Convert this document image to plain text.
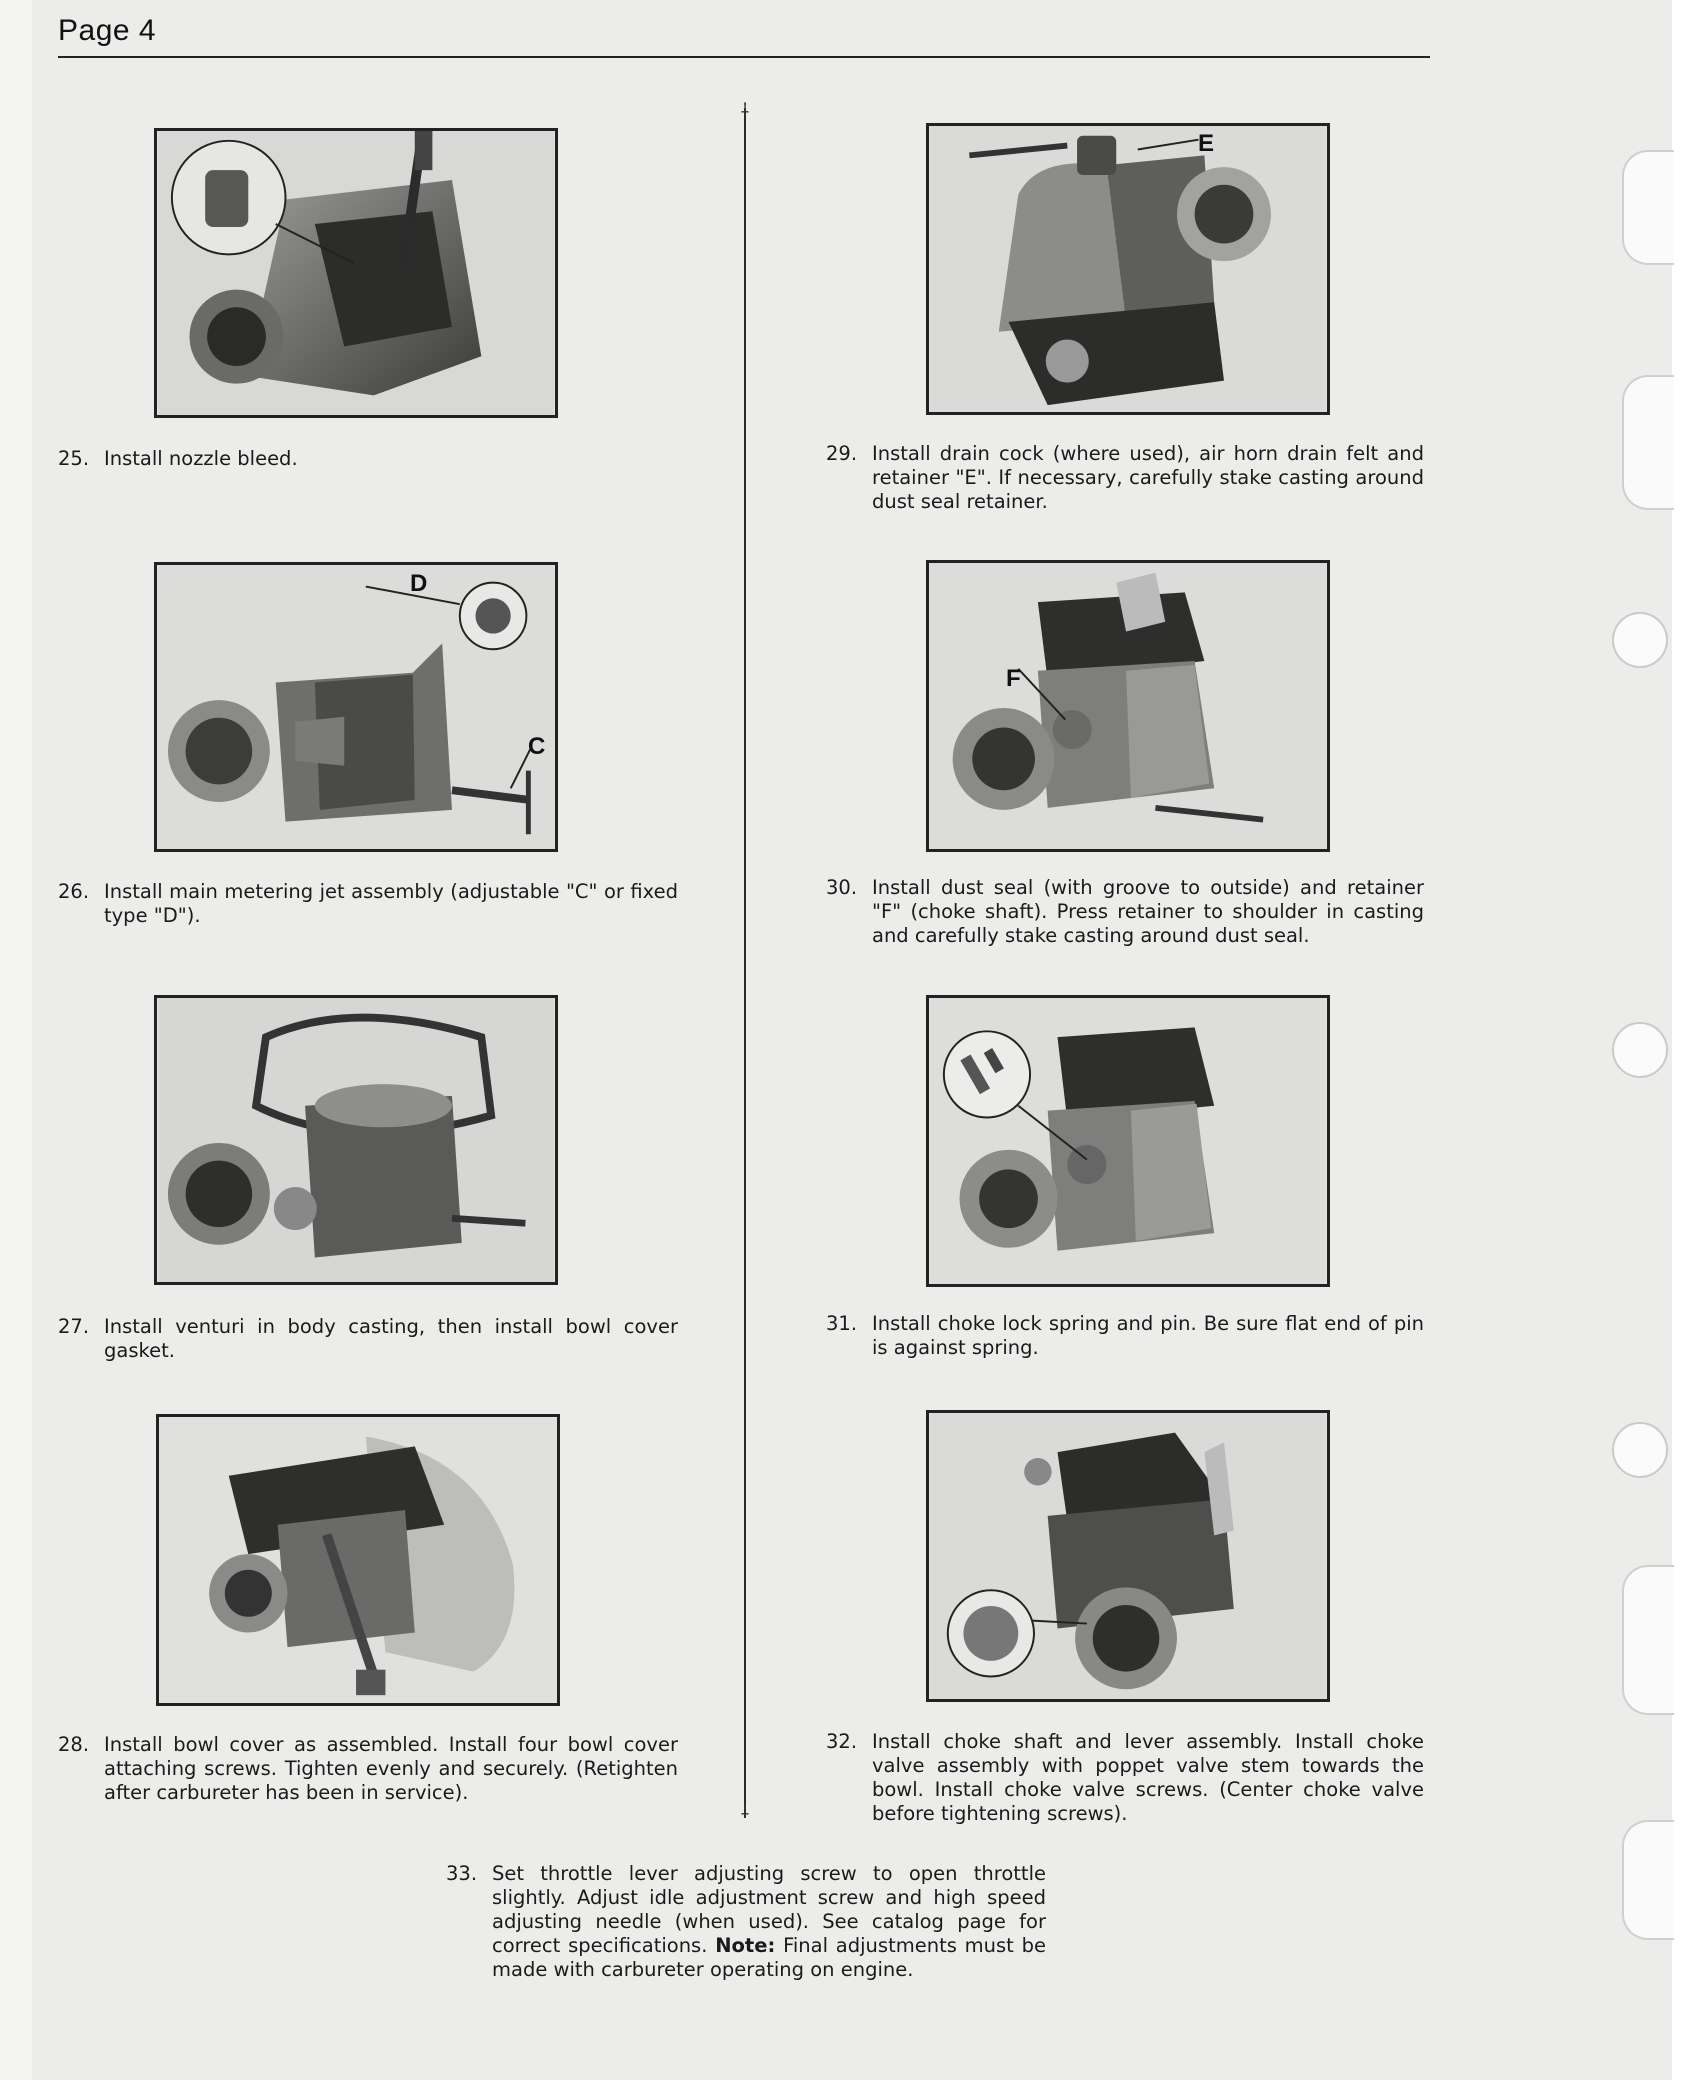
Page 4
⸸
⸸
25. Install nozzle bleed.
D
C
26. Install main metering jet assembly (adjustable "C" or fixed type "D").
27. Install venturi in body casting, then install bowl cover gasket.
28. Install bowl cover as assembled. Install four bowl cover attaching screws. Tighten evenly and securely. (Retighten after carbureter has been in service).
E
29. Install drain cock (where used), air horn drain felt and retainer "E". If necessary, carefully stake casting around dust seal retainer.
F
30. Install dust seal (with groove to outside) and retainer "F" (choke shaft). Press retainer to shoulder in casting and carefully stake casting around dust seal.
31. Install choke lock spring and pin. Be sure flat end of pin is against spring.
32. Install choke shaft and lever assembly. Install choke valve assembly with poppet valve stem towards the bowl. Install choke valve screws. (Center choke valve before tightening screws).
33. Set throttle lever adjusting screw to open throttle slightly. Adjust idle adjustment screw and high speed adjusting needle (when used). See catalog page for correct specifications. Note: Final adjustments must be made with carbureter operating on engine.
